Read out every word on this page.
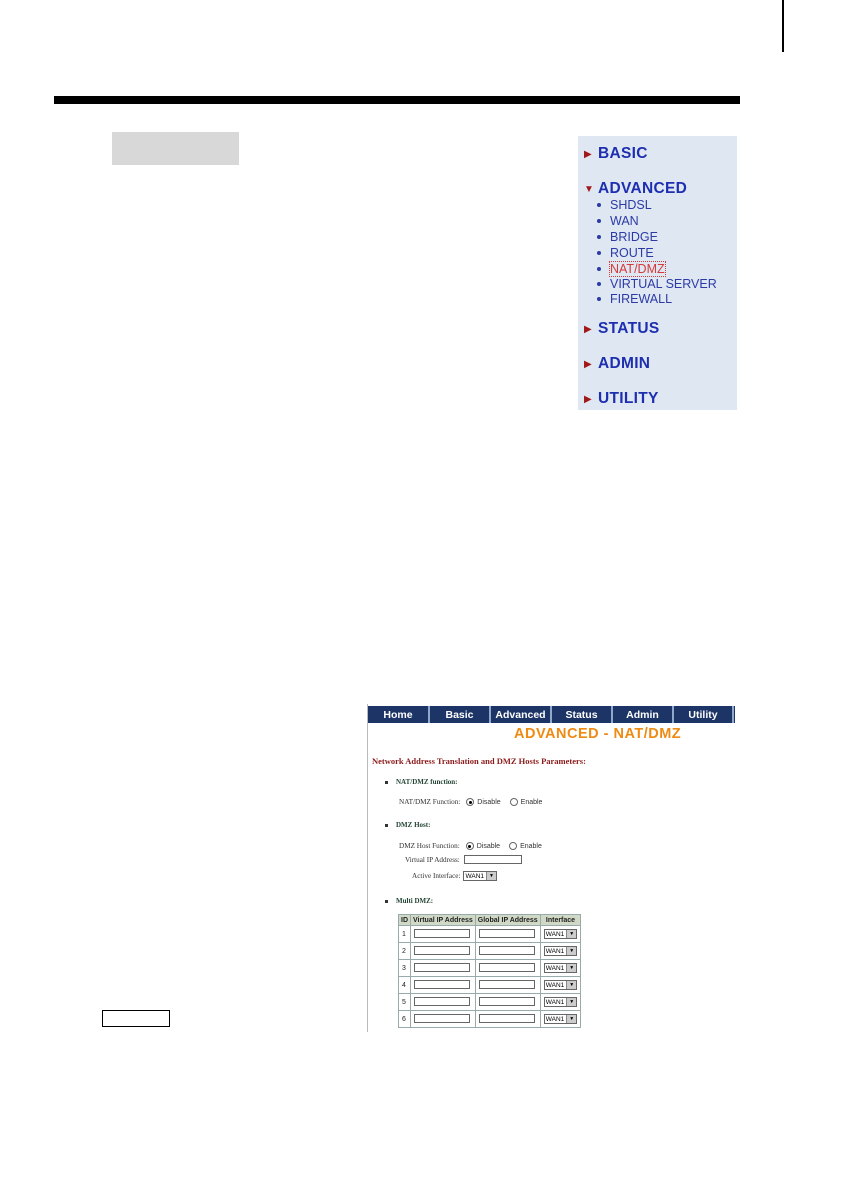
▶ BASIC
▼ ADVANCED
SHDSL
WAN
BRIDGE
ROUTE
NAT/DMZ
VIRTUAL SERVER
FIREWALL
▶ STATUS
▶ ADMIN
▶ UTILITY
Home	Basic	Advanced	Status	Admin	Utility
ADVANCED - NAT/DMZ
Network Address Translation and DMZ Hosts Parameters:
NAT/DMZ function:
NAT/DMZ Function: Disable	Enable
DMZ Host:
DMZ Host Function: Disable	Enable
Virtual IP Address:
Active Interface: WAN1	▼
Multi DMZ:
ID	Virtual IP Address	Global IP Address	Interface
1			WAN1 ▼

2			WAN1 ▼

3			WAN1 ▼

4			WAN1 ▼

5			WAN1 ▼

6			WAN1 ▼
